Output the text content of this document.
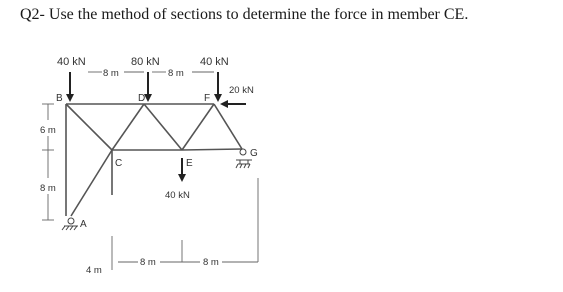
Q2- Use the method of sections to determine the force in member CE.
40 kN	80 kN	40 kN
20 kN
40 kN
8 m	8 m
6 m
8 m
4 m
8 m	8 m
A
B
C
D
E
F
G
